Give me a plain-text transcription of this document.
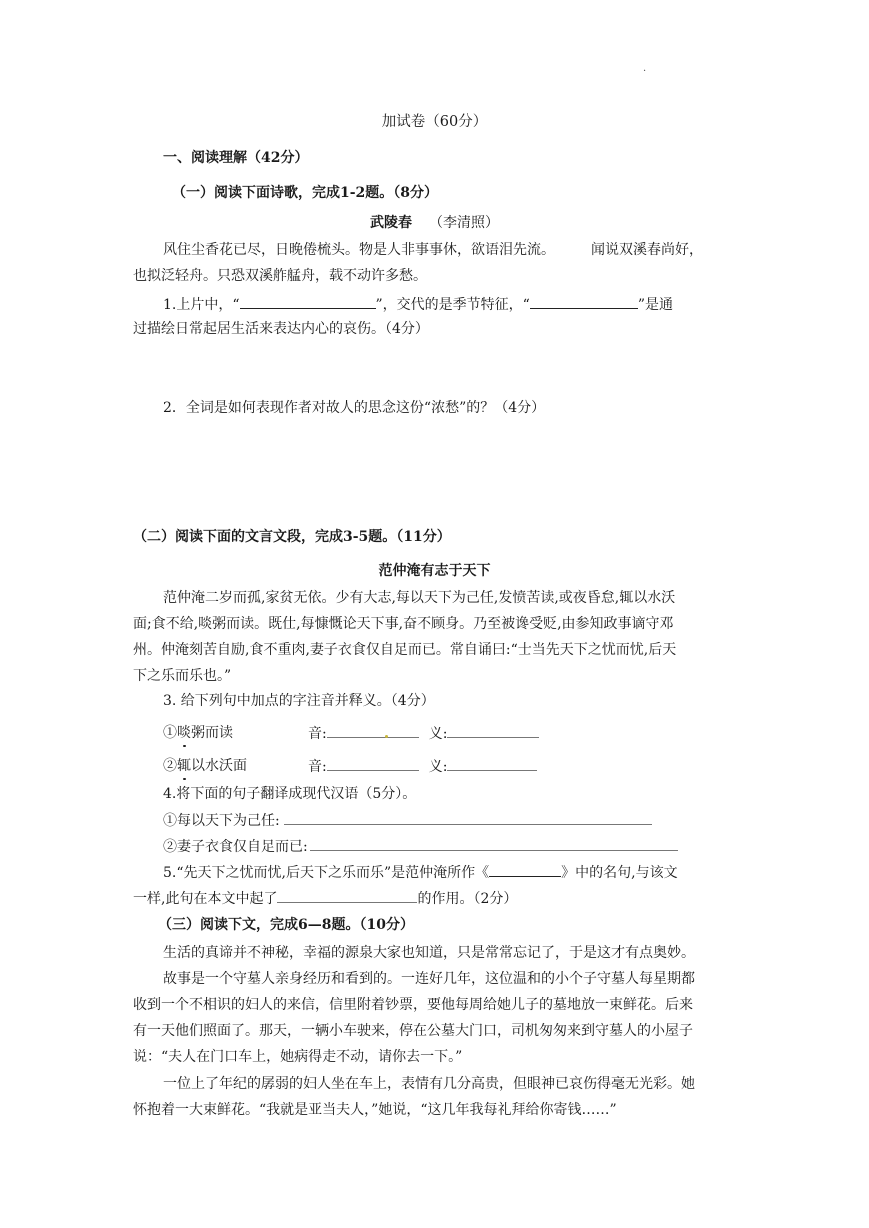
·
加试卷（60分）
一、阅读理解（42分）
（一）阅读下面诗歌，完成1-2题。（8分）
武陵春 （李清照）
风住尘香花已尽，日晚倦梳头。物是人非事事休，欲语泪先流。	闻说双溪春尚好，
也拟泛轻舟。只恐双溪舴艋舟，载不动许多愁。
1.上片中，“	”，交代的是季节特征，“	”是通
过描绘日常起居生活来表达内心的哀伤。（4分）
2．全词是如何表现作者对故人的思念这份“浓愁”的？（4分）
（二）阅读下面的文言文段，完成3-5题。（11分）
范仲淹有志于天下
范仲淹二岁而孤,家贫无依。少有大志,每以天下为己任,发愤苦读,或夜昏怠,辄以水沃
面;食不给,啖粥而读。既仕,每慷慨论天下事,奋不顾身。乃至被谗受贬,由参知政事谪守邓
州。仲淹刻苦自励,食不重肉,妻子衣食仅自足而已。常自诵曰:“士当先天下之忧而忧,后天
下之乐而乐也。”
3. 给下列句中加点的字注音并释义。（4分）
①啖粥而读	音:	义:
②辄以水沃面	音:	义:
4.将下面的句子翻译成现代汉语（5分）。
①每以天下为己任:
②妻子衣食仅自足而已:
5.“先天下之忧而忧,后天下之乐而乐”是范仲淹所作《	》中的名句,与该文
一样,此句在本文中起了	的作用。（2分）
（三）阅读下文，完成6—8题。（10分）
生活的真谛并不神秘，幸福的源泉大家也知道，只是常常忘记了，于是这才有点奥妙。
故事是一个守墓人亲身经历和看到的。一连好几年，这位温和的小个子守墓人每星期都
收到一个不相识的妇人的来信，信里附着钞票，要他每周给她儿子的墓地放一束鲜花。后来
有一天他们照面了。那天，一辆小车驶来，停在公墓大门口，司机匆匆来到守墓人的小屋子
说：“夫人在门口车上，她病得走不动，请你去一下。”
一位上了年纪的孱弱的妇人坐在车上，表情有几分高贵，但眼神已哀伤得毫无光彩。她
怀抱着一大束鲜花。“我就是亚当夫人，”她说，“这几年我每礼拜给你寄钱……”
